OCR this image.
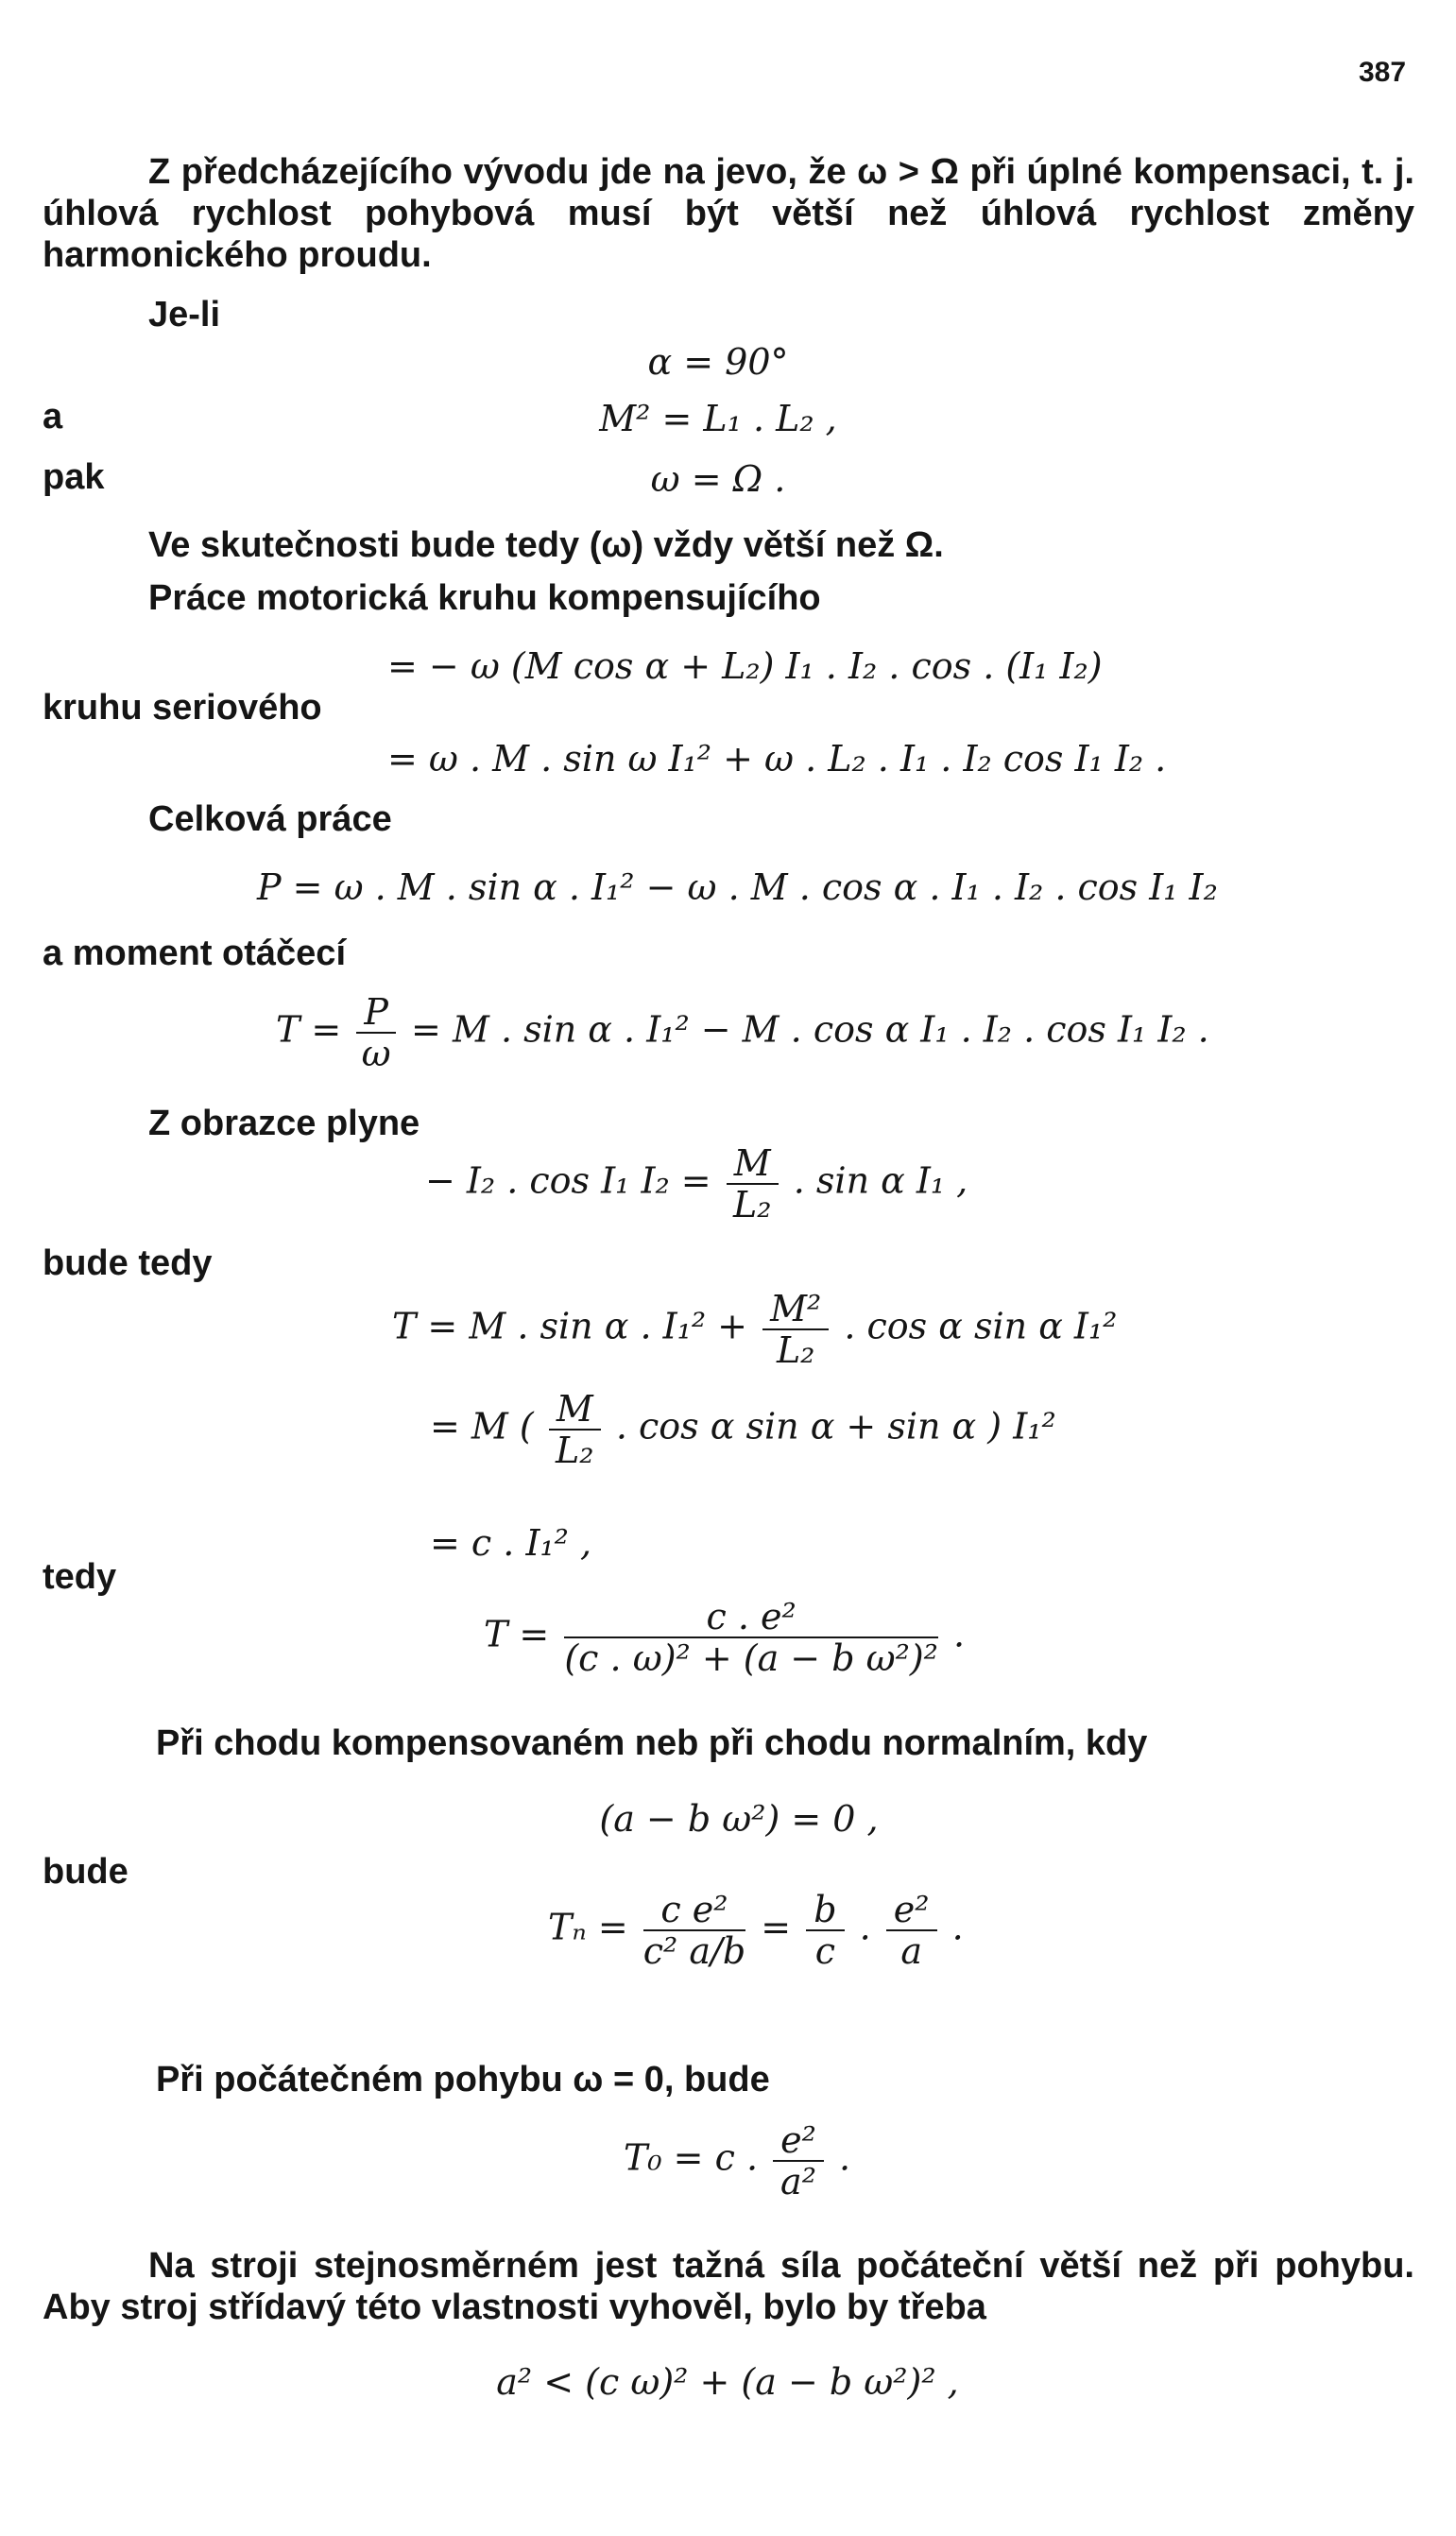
387
Z předcházejícího vývodu jde na jevo, že ω > Ω při úplné kompensaci, t. j. úhlová rychlost pohybová musí být větší než úhlová rychlost změny harmonického proudu.
Je-li
α = 90°
a	M² = L₁ . L₂ ,
pak	ω = Ω .
Ve skutečnosti bude tedy (ω) vždy větší než Ω.
Práce motorická kruhu kompensujícího
= − ω (M cos α + L₂) I₁ . I₂ . cos . (I₁ I₂)
kruhu seriového
= ω . M . sin ω I₁² + ω . L₂ . I₁ . I₂ cos I₁ I₂ .
Celková práce
P = ω . M . sin α . I₁² − ω . M . cos α . I₁ . I₂ . cos I₁ I₂
a moment otáčecí
$T = \frac{P}{\omega} = M$ . sin α . I₁² − M . cos α I₁ . I₂ . cos I₁ I₂ .
Z obrazce plyne
− I₂ . cos I₁ $I_2 = \frac{M}{\text{L₂}}$ . sin α I₁ ,
bude tedy
T = M . sin α . $I_1^2 + \frac{\text{M²}}{\text{L₂}}$ . cos α sin α I₁²
= M ( $\frac{M}{\text{L₂}}$ . cos α sin α + sin α ) I₁²
= c . I₁² ,
tedy
$T = \frac{\text{c . e²}}{\text{(c . ω)² + (a − b ω²)²}}$ .
Při chodu kompensovaném neb při chodu normalním, kdy
(a − b ω²) = 0 ,
bude
$T_n = \frac{\text{c e²}}{\text{c² a/b}} = \frac{b}{c}$ . $\frac{\text{e²}}{a}$ .
Při počátečném pohybu ω = 0, bude
T₀ = c . $\frac{\text{e²}}{\text{a²}}$ .
Na stroji stejnosměrném jest tažná síla počáteční větší než při pohybu. Aby stroj střídavý této vlastnosti vyhověl, bylo by třeba
a² < (c ω)² + (a − b ω²)² ,
